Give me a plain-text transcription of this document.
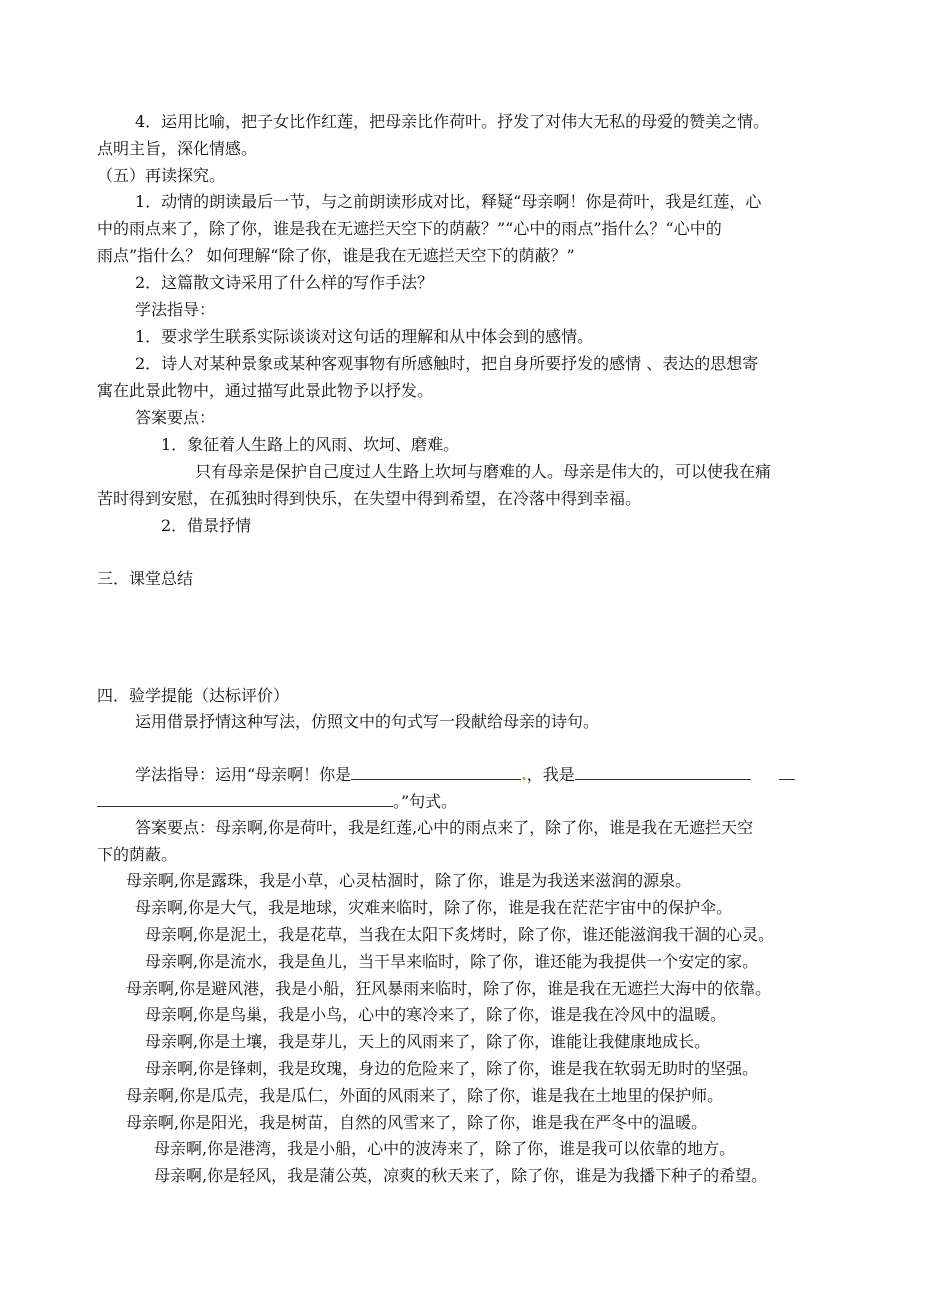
4．运用比喻，把子女比作红莲，把母亲比作荷叶。抒发了对伟大无私的母爱的赞美之情。
点明主旨，深化情感。
（五）再读探究。
1．动情的朗读最后一节，与之前朗读形成对比，释疑“母亲啊！你是荷叶，我是红莲，心
中的雨点来了，除了你，谁是我在无遮拦天空下的荫蔽？”“心中的雨点”指什么？“心中的
雨点”指什么？ 如何理解“除了你，谁是我在无遮拦天空下的荫蔽？”
2．这篇散文诗采用了什么样的写作手法？
学法指导：
1．要求学生联系实际谈谈对这句话的理解和从中体会到的感情。
2．诗人对某种景象或某种客观事物有所感触时，把自身所要抒发的感情 、表达的思想寄
寓在此景此物中，通过描写此景此物予以抒发。
答案要点：
1．象征着人生路上的风雨、坎坷、磨难。
只有母亲是保护自己度过人生路上坎坷与磨难的人。母亲是伟大的，可以使我在痛
苦时得到安慰，在孤独时得到快乐，在失望中得到希望，在冷落中得到幸福。
2．借景抒情
三．课堂总结
四．验学提能（达标评价）
运用借景抒情这种写法，仿照文中的句式写一段献给母亲的诗句。
学法指导：运用“母亲啊！你是	.，我是
。”句式。
答案要点：母亲啊,你是荷叶，我是红莲,心中的雨点来了，除了你，谁是我在无遮拦天空
下的荫蔽。
母亲啊,你是露珠，我是小草，心灵枯涸时，除了你，谁是为我送来滋润的源泉。
母亲啊,你是大气，我是地球，灾难来临时，除了你，谁是我在茫茫宇宙中的保护伞。
母亲啊,你是泥土，我是花草，当我在太阳下炙烤时，除了你，谁还能滋润我干涸的心灵。
母亲啊,你是流水，我是鱼儿，当干旱来临时，除了你，谁还能为我提供一个安定的家。
母亲啊,你是避风港，我是小船，狂风暴雨来临时，除了你，谁是我在无遮拦大海中的依靠。
母亲啊,你是鸟巢，我是小鸟，心中的寒冷来了，除了你，谁是我在冷风中的温暖。
母亲啊,你是土壤，我是芽儿，天上的风雨来了，除了你，谁能让我健康地成长。
母亲啊,你是锋刺，我是玫瑰，身边的危险来了，除了你，谁是我在软弱无助时的坚强。
母亲啊,你是瓜壳，我是瓜仁，外面的风雨来了，除了你，谁是我在土地里的保护师。
母亲啊,你是阳光，我是树苗，自然的风雪来了，除了你，谁是我在严冬中的温暖。
母亲啊,你是港湾，我是小船，心中的波涛来了，除了你，谁是我可以依靠的地方。
母亲啊,你是轻风，我是蒲公英，凉爽的秋天来了，除了你，谁是为我播下种子的希望。
